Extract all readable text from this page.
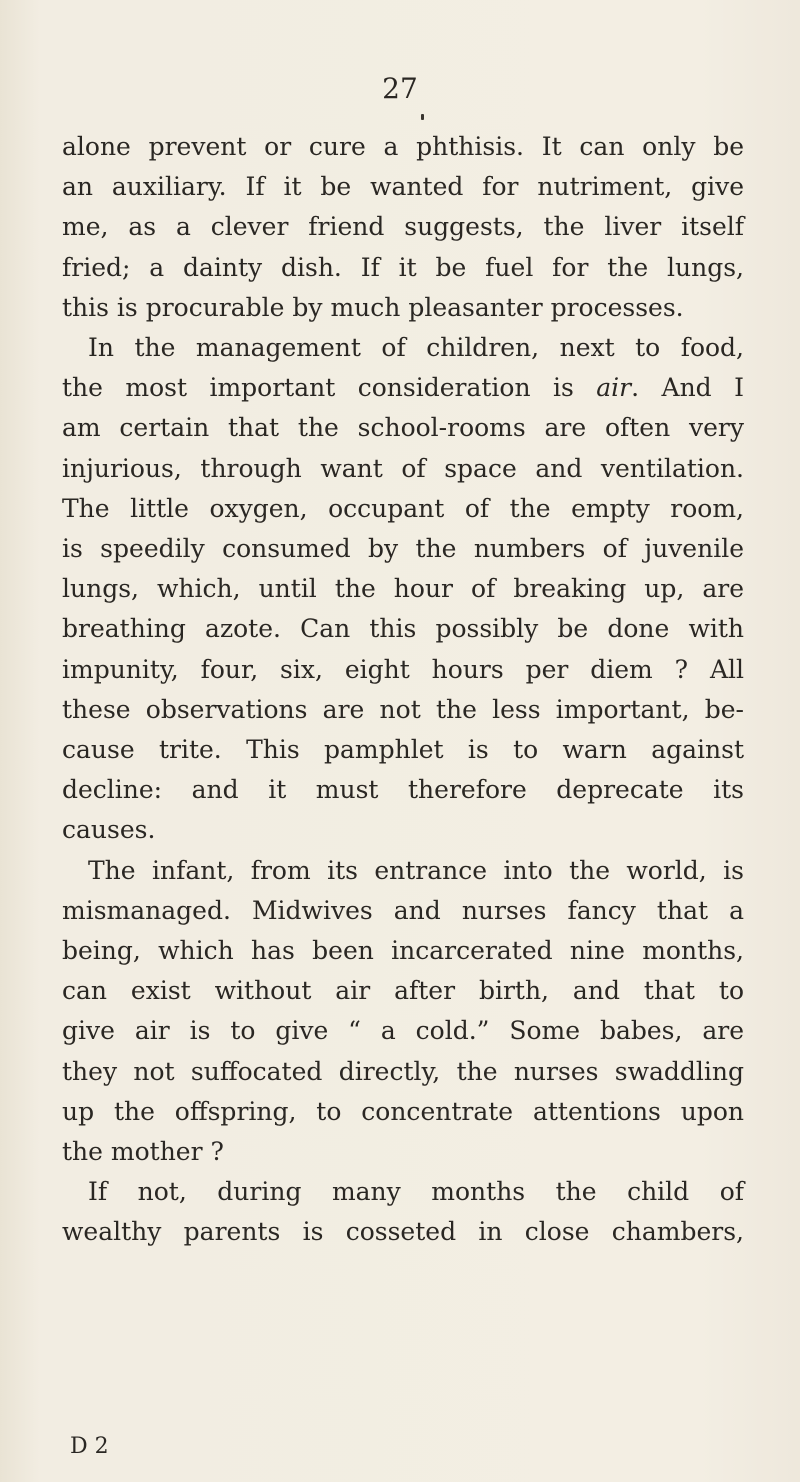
27
alone prevent or cure a phthisis. It can only be
an auxiliary. If it be wanted for nutriment, give
me, as a clever friend suggests, the liver itself
fried; a dainty dish. If it be fuel for the lungs,
this is procurable by much pleasanter processes.
In the management of children, next to food,
the most important consideration is air. And I
am certain that the school-rooms are often very
injurious, through want of space and ventilation.
The little oxygen, occupant of the empty room,
is speedily consumed by the numbers of juvenile
lungs, which, until the hour of breaking up, are
breathing azote. Can this possibly be done with
impunity, four, six, eight hours per diem ? All
these observations are not the less important, be-
cause trite. This pamphlet is to warn against
decline: and it must therefore deprecate its
causes.
The infant, from its entrance into the world, is
mismanaged. Midwives and nurses fancy that a
being, which has been incarcerated nine months,
can exist without air after birth, and that to
give air is to give “ a cold.” Some babes, are
they not suffocated directly, the nurses swaddling
up the offspring, to concentrate attentions upon
the mother ?
If not, during many months the child of
wealthy parents is cosseted in close chambers,
D 2
